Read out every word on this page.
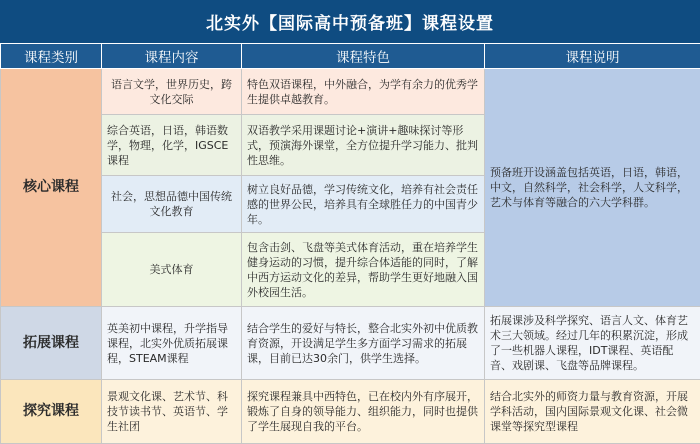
北实外【国际高中预备班】课程设置
课程类别	课程内容	课程特色	课程说明
核心课程	语言文学，世界历史，跨文化交际	特色双语课程，中外融合，为学有余力的优秀学生提供卓越教育。	预备班开设涵盖包括英语，日语，韩语，中文，自然科学，社会科学，人文科学，艺术与体育等融合的六大学科群。
	综合英语，日语，韩语数学，物理，化学，IGSCE课程	双语教学采用课题讨论+演讲+趣味探讨等形式，预演海外课堂，全方位提升学习能力、批判性思维。	
	社会，思想品德中国传统文化教育	树立良好品德，学习传统文化，培养有社会责任感的世界公民，培养具有全球胜任力的中国青少年。	
	美式体育	包含击剑、飞盘等美式体育活动，重在培养学生健身运动的习惯，提升综合体适能的同时，了解中西方运动文化的差异，帮助学生更好地融入国外校园生活。	
拓展课程	英美初中课程，升学指导课程，北实外优质拓展课程，STEAM课程	结合学生的爱好与特长，整合北实外初中优质教育资源，开设满足学生多方面学习需求的拓展课，目前已达30余门，供学生选择。	拓展课涉及科学探究、语言人文、体育艺术三大领域。经过几年的积累沉淀，形成了一些机器人课程，IDT课程、英语配音、戏剧课、飞盘等品牌课程。
探究课程	景观文化课、艺术节、科技节读书节、英语节、学生社团	探究课程兼具中西特色，已在校内外有序展开，锻炼了自身的领导能力、组织能力，同时也提供了学生展现自我的平台。	结合北实外的师资力量与教育资源，开展学科活动，国内国际景观文化课、社会微课堂等探究型课程
